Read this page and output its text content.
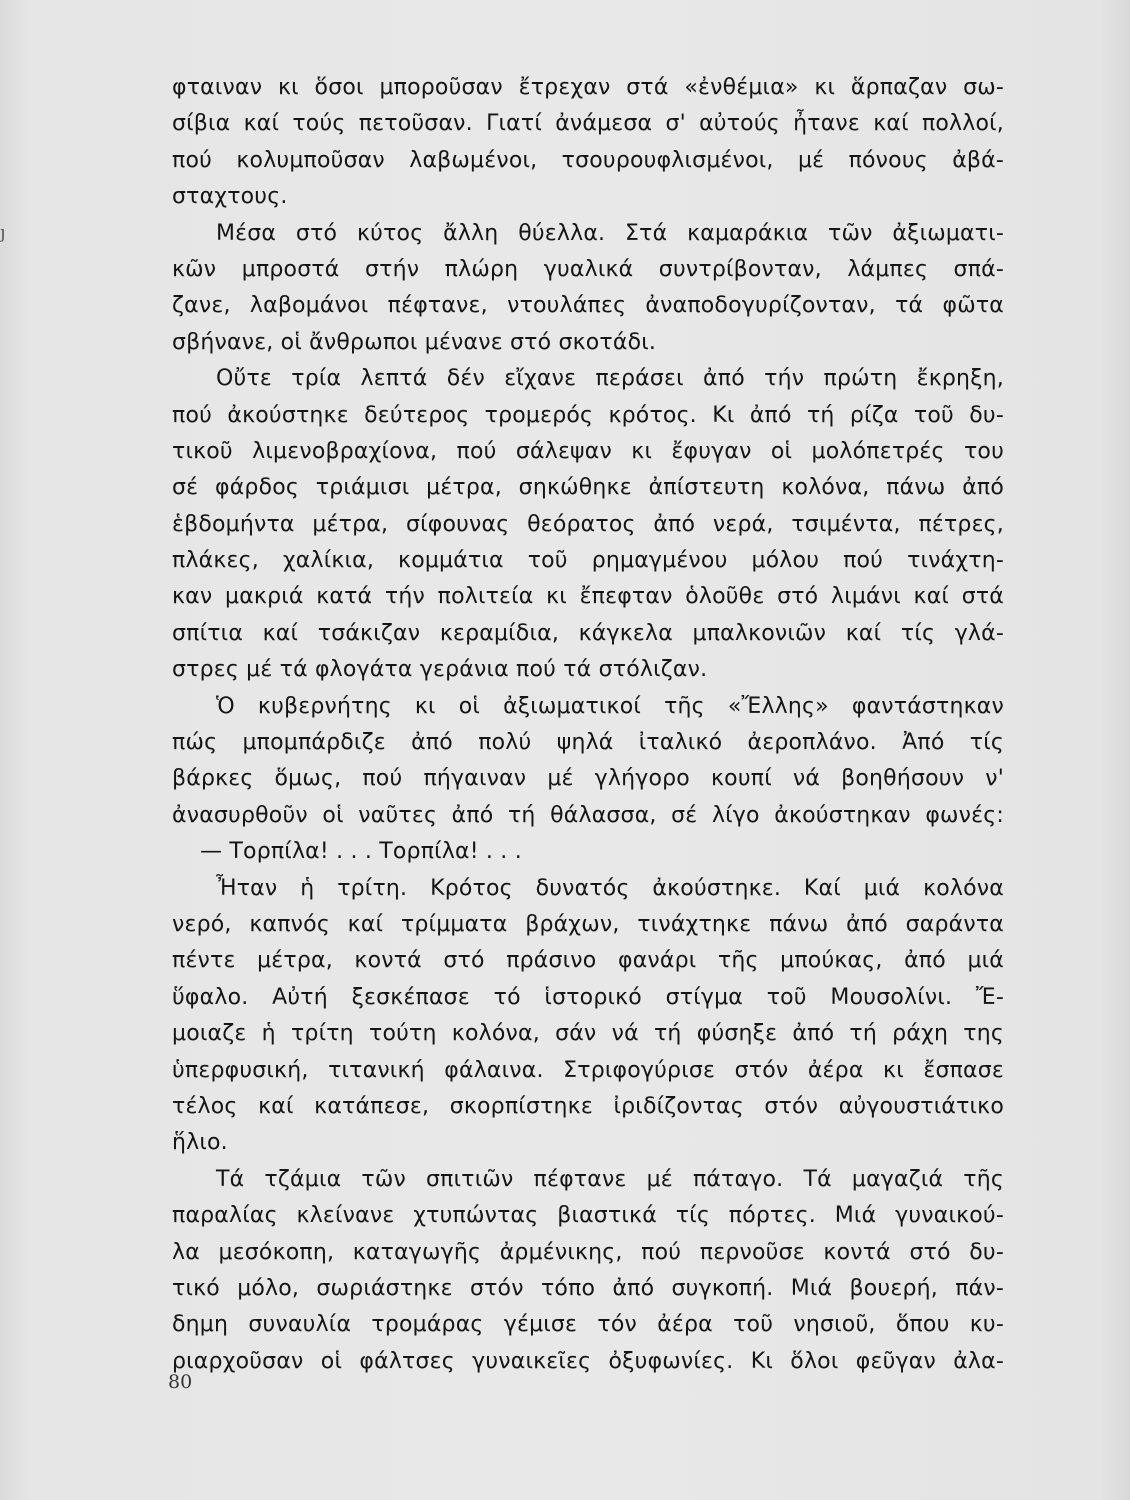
ȷ
φταιναν κι ὅσοι μποροῦσαν ἔτρεχαν στά «ἐνθέμια» κι ἅρπαζαν σω-
σίβια καί τούς πετοῦσαν. Γιατί ἀνάμεσα σ' αὐτούς ἦτανε καί πολλοί,
πού κολυμποῦσαν λαβωμένοι, τσουρουφλισμένοι, μέ πόνους ἀβά-
σταχτους.
Μέσα στό κύτος ἄλλη θύελλα. Στά καμαράκια τῶν ἀξιωματι-
κῶν μπροστά στήν πλώρη γυαλικά συντρίβονταν, λάμπες σπά-
ζανε, λαβομάνοι πέφτανε, ντουλάπες ἀναποδογυρίζονταν, τά φῶτα
σβήνανε, οἱ ἄνθρωποι μένανε στό σκοτάδι.
Οὔτε τρία λεπτά δέν εἴχανε περάσει ἀπό τήν πρώτη ἔκρηξη,
πού ἀκούστηκε δεύτερος τρομερός κρότος. Κι ἀπό τή ρίζα τοῦ δυ-
τικοῦ λιμενοβραχίονα, πού σάλεψαν κι ἔφυγαν οἱ μολόπετρές του
σέ φάρδος τριάμισι μέτρα, σηκώθηκε ἀπίστευτη κολόνα, πάνω ἀπό
ἑβδομήντα μέτρα, σίφουνας θεόρατος ἀπό νερά, τσιμέντα, πέτρες,
πλάκες, χαλίκια, κομμάτια τοῦ ρημαγμένου μόλου πού τινάχτη-
καν μακριά κατά τήν πολιτεία κι ἔπεφταν ὁλοῦθε στό λιμάνι καί στά
σπίτια καί τσάκιζαν κεραμίδια, κάγκελα μπαλκονιῶν καί τίς γλά-
στρες μέ τά φλογάτα γεράνια πού τά στόλιζαν.
Ὁ κυβερνήτης κι οἱ ἀξιωματικοί τῆς «Ἔλλης» φαντάστηκαν
πώς μπομπάρδιζε ἀπό πολύ ψηλά ἰταλικό ἀεροπλάνο. Ἀπό τίς
βάρκες ὅμως, πού πήγαιναν μέ γλήγορο κουπί νά βοηθήσουν ν'
ἀνασυρθοῦν οἱ ναῦτες ἀπό τή θάλασσα, σέ λίγο ἀκούστηκαν φωνές:
— Τορπίλα! . . . Τορπίλα! . . .
Ἦταν ἡ τρίτη. Κρότος δυνατός ἀκούστηκε. Καί μιά κολόνα
νερό, καπνός καί τρίμματα βράχων, τινάχτηκε πάνω ἀπό σαράντα
πέντε μέτρα, κοντά στό πράσινο φανάρι τῆς μπούκας, ἀπό μιά
ὕφαλο. Αὐτή ξεσκέπασε τό ἱστορικό στίγμα τοῦ Μουσολίνι. Ἔ-
μοιαζε ἡ τρίτη τούτη κολόνα, σάν νά τή φύσηξε ἀπό τή ράχη της
ὑπερφυσική, τιτανική φάλαινα. Στριφογύρισε στόν ἀέρα κι ἔσπασε
τέλος καί κατάπεσε, σκορπίστηκε ἰριδίζοντας στόν αὐγουστιάτικο
ἥλιο.
Τά τζάμια τῶν σπιτιῶν πέφτανε μέ πάταγο. Τά μαγαζιά τῆς
παραλίας κλείνανε χτυπώντας βιαστικά τίς πόρτες. Μιά γυναικού-
λα μεσόκοπη, καταγωγῆς ἀρμένικης, πού περνοῦσε κοντά στό δυ-
τικό μόλο, σωριάστηκε στόν τόπο ἀπό συγκοπή. Μιά βουερή, πάν-
δημη συναυλία τρομάρας γέμισε τόν ἀέρα τοῦ νησιοῦ, ὅπου κυ-
ριαρχοῦσαν οἱ φάλτσες γυναικεῖες ὀξυφωνίες. Κι ὅλοι φεῦγαν ἀλα-
80
